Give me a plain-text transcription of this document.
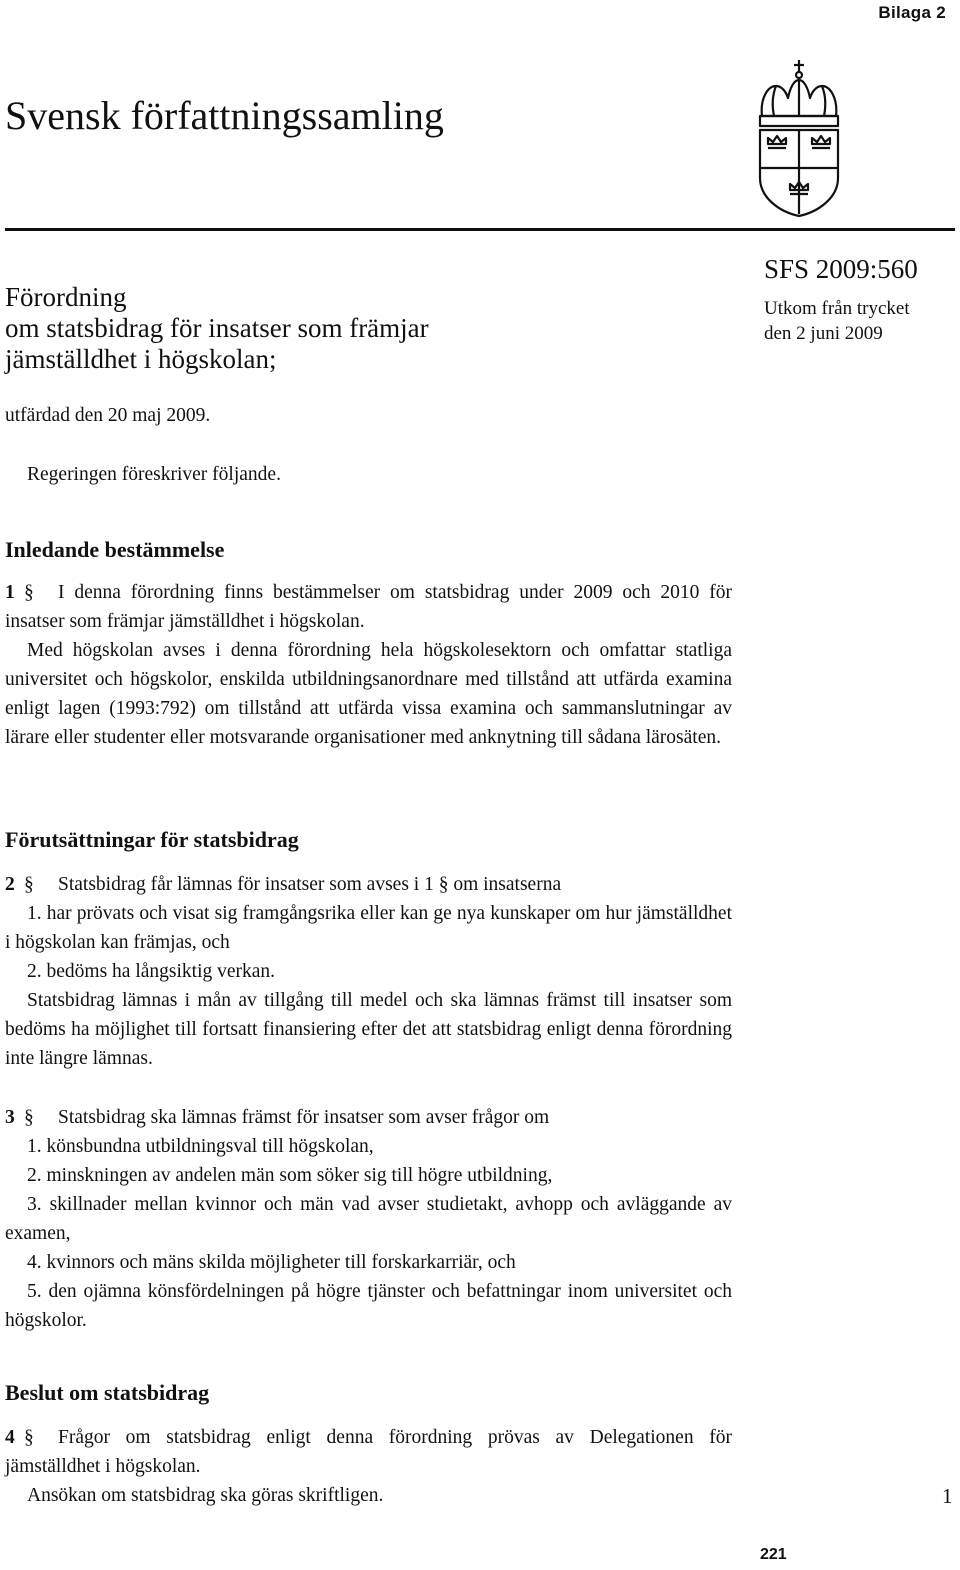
Bilaga 2
Svensk författningssamling
SFS 2009:560
Utkom från trycket
den 2 juni 2009
Förordning
om statsbidrag för insatser som främjar
jämställdhet i högskolan;
utfärdad den 20 maj 2009.

Regeringen föreskriver följande.

Inledande bestämmelse

1 § I denna förordning finns bestämmelser om statsbidrag under 2009 och 2010 för insatser som främjar jämställdhet i högskolan.

Med högskolan avses i denna förordning hela högskolesektorn och omfattar statliga universitet och högskolor, enskilda utbildningsanordnare med tillstånd att utfärda examina enligt lagen (1993:792) om tillstånd att utfärda vissa examina och sammanslutningar av lärare eller studenter eller motsvarande organisationer med anknytning till sådana lärosäten.

Förutsättningar för statsbidrag

2 § Statsbidrag får lämnas för insatser som avses i 1 § om insatserna

1. har prövats och visat sig framgångsrika eller kan ge nya kunskaper om hur jämställdhet i högskolan kan främjas, och

2. bedöms ha långsiktig verkan.

Statsbidrag lämnas i mån av tillgång till medel och ska lämnas främst till insatser som bedöms ha möjlighet till fortsatt finansiering efter det att statsbidrag enligt denna förordning inte längre lämnas.

3 § Statsbidrag ska lämnas främst för insatser som avser frågor om

1. könsbundna utbildningsval till högskolan,

2. minskningen av andelen män som söker sig till högre utbildning,

3. skillnader mellan kvinnor och män vad avser studietakt, avhopp och avläggande av examen,

4. kvinnors och mäns skilda möjligheter till forskarkarriär, och

5. den ojämna könsfördelningen på högre tjänster och befattningar inom universitet och högskolor.

Beslut om statsbidrag

4 § Frågor om statsbidrag enligt denna förordning prövas av Delegationen för jämställdhet i högskolan.

Ansökan om statsbidrag ska göras skriftligen.	1
221
